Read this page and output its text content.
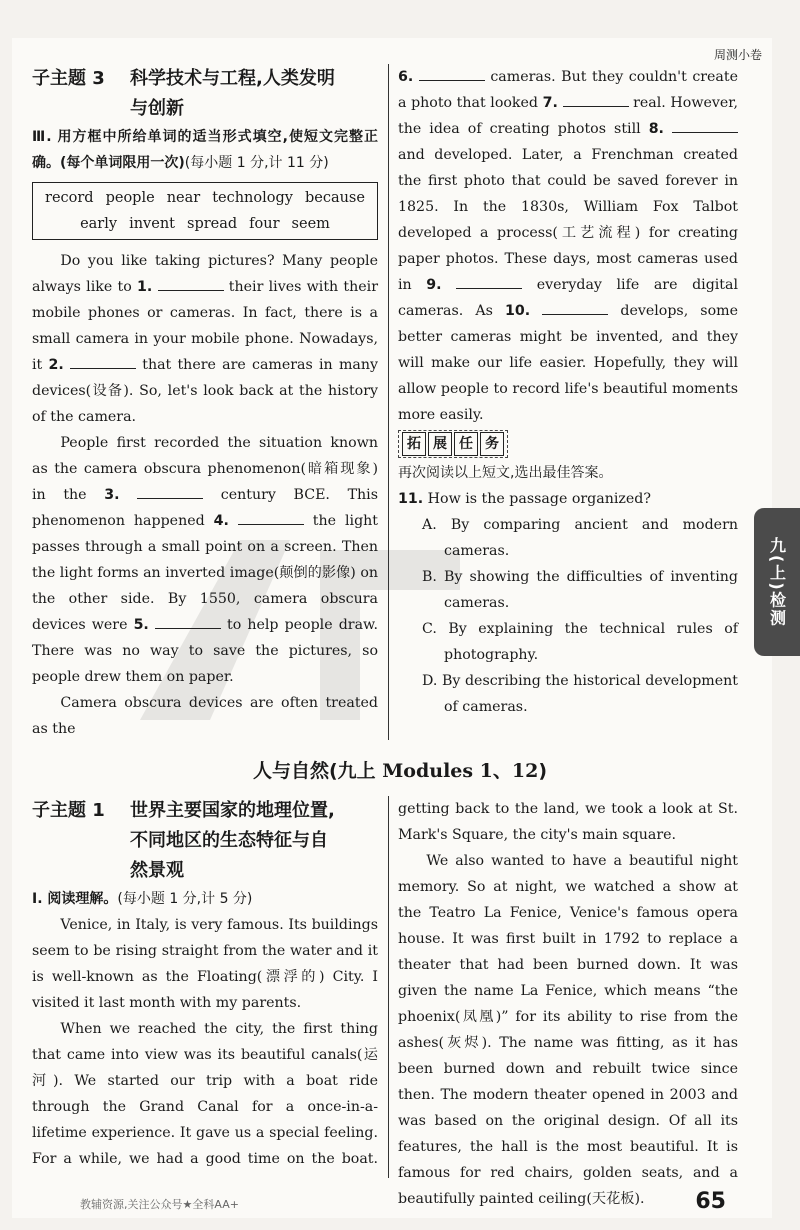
周测小卷
九(上)检测
子主题 3 科学技术与工程,人类发明
与创新
Ⅲ. 用方框中所给单词的适当形式填空,使短文完整正确。(每个单词限用一次)(每小题 1 分,计 11 分)
record people near technology because
early invent spread four seem

Do you like taking pictures? Many people always like to 1.	their lives with their mobile phones or cameras. In fact, there is a small camera in your mobile phone. Nowadays, it 2.	that there are cameras in many devices(设备). So, let's look back at the history of the camera.

People first recorded the situation known as the camera obscura phenomenon(暗箱现象) in the 3.	century BCE. This phenomenon happened 4.	the light passes through a small point on a screen. Then the light forms an inverted image(颠倒的影像) on the other side. By 1550, camera obscura devices were 5.	to help people draw. There was no way to save the pictures, so people drew them on paper.

Camera obscura devices are often treated as the

6.	cameras. But they couldn't create a photo that looked 7.	real. However, the idea of creating photos still 8.  and developed. Later, a Frenchman created the first photo that could be saved forever in 1825. In the 1830s, William Fox Talbot developed a process(工艺流程) for creating paper photos. These days, most cameras used in 9.	everyday life are digital cameras. As 10.	develops, some better cameras might be invented, and they will make our life easier. Hopefully, they will allow people to record life's beautiful moments more easily.

拓 展 任 务

再次阅读以上短文,选出最佳答案。

11. How is the passage organized?

A. By comparing ancient and modern cameras.

B. By showing the difficulties of inventing cameras.

C. By explaining the technical rules of photography.

D. By describing the historical development of cameras.

人与自然(九上 Modules 1、12)
子主题 1 世界主要国家的地理位置,
不同地区的生态特征与自
然景观
Ⅰ. 阅读理解。(每小题 1 分,计 5 分)

Venice, in Italy, is very famous. Its buildings seem to be rising straight from the water and it is well-known as the Floating(漂浮的) City. I visited it last month with my parents.

When we reached the city, the first thing that came into view was its beautiful canals(运河). We started our trip with a boat ride through the Grand Canal for a once-in-a-lifetime experience. It gave us a special feeling. For a while, we had a good time on the boat.

getting back to the land, we took a look at St. Mark's Square, the city's main square.

We also wanted to have a beautiful night memory. So at night, we watched a show at the Teatro La Fenice, Venice's famous opera house. It was first built in 1792 to replace a theater that had been burned down. It was given the name La Fenice, which means “the phoenix(凤凰)” for its ability to rise from the ashes(灰烬). The name was fitting, as it has been burned down and rebuilt twice since then. The modern theater opened in 2003 and was based on the original design. Of all its features, the hall is the most beautiful. It is famous for red chairs, golden seats, and a beautifully painted ceiling(天花板).

教辅资源,关注公众号★全科AA+	65
